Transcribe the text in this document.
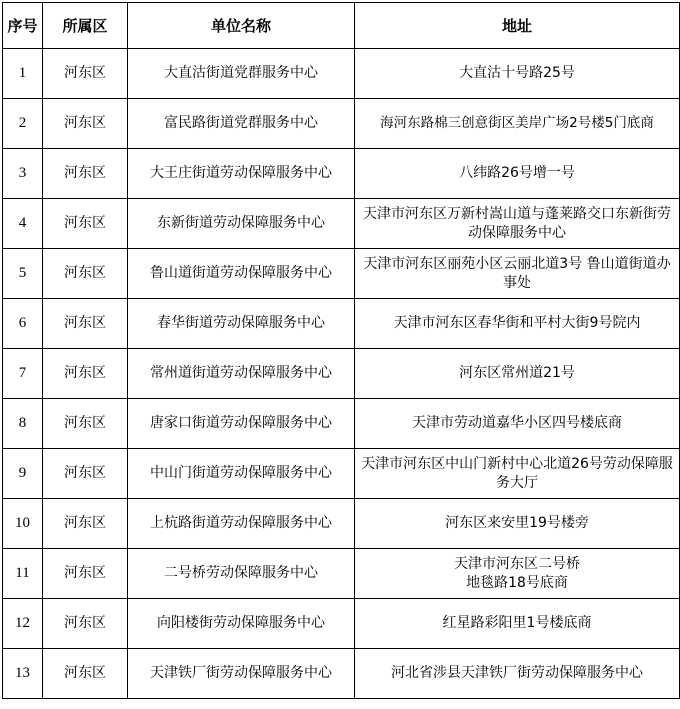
序号	所属区	单位名称	地址
1	河东区	大直沽街道党群服务中心	大直沽十号路25号
2	河东区	富民路街道党群服务中心	海河东路棉三创意街区美岸广场2号楼5门底商
3	河东区	大王庄街道劳动保障服务中心	八纬路26号增一号
4	河东区	东新街道劳动保障服务中心	天津市河东区万新村嵩山道与蓬莱路交口东新街劳动保障服务中心
5	河东区	鲁山道街道劳动保障服务中心	天津市河东区丽苑小区云丽北道3号 鲁山道街道办事处
6	河东区	春华街道劳动保障服务中心	天津市河东区春华街和平村大街9号院内
7	河东区	常州道街道劳动保障服务中心	河东区常州道21号
8	河东区	唐家口街道劳动保障服务中心	天津市劳动道嘉华小区四号楼底商
9	河东区	中山门街道劳动保障服务中心	天津市河东区中山门新村中心北道26号劳动保障服务大厅
10	河东区	上杭路街道劳动保障服务中心	河东区来安里19号楼旁
11	河东区	二号桥劳动保障服务中心	天津市河东区二号桥
地毯路18号底商
12	河东区	向阳楼街劳动保障服务中心	红星路彩阳里1号楼底商
13	河东区	天津铁厂街劳动保障服务中心	河北省涉县天津铁厂街劳动保障服务中心
